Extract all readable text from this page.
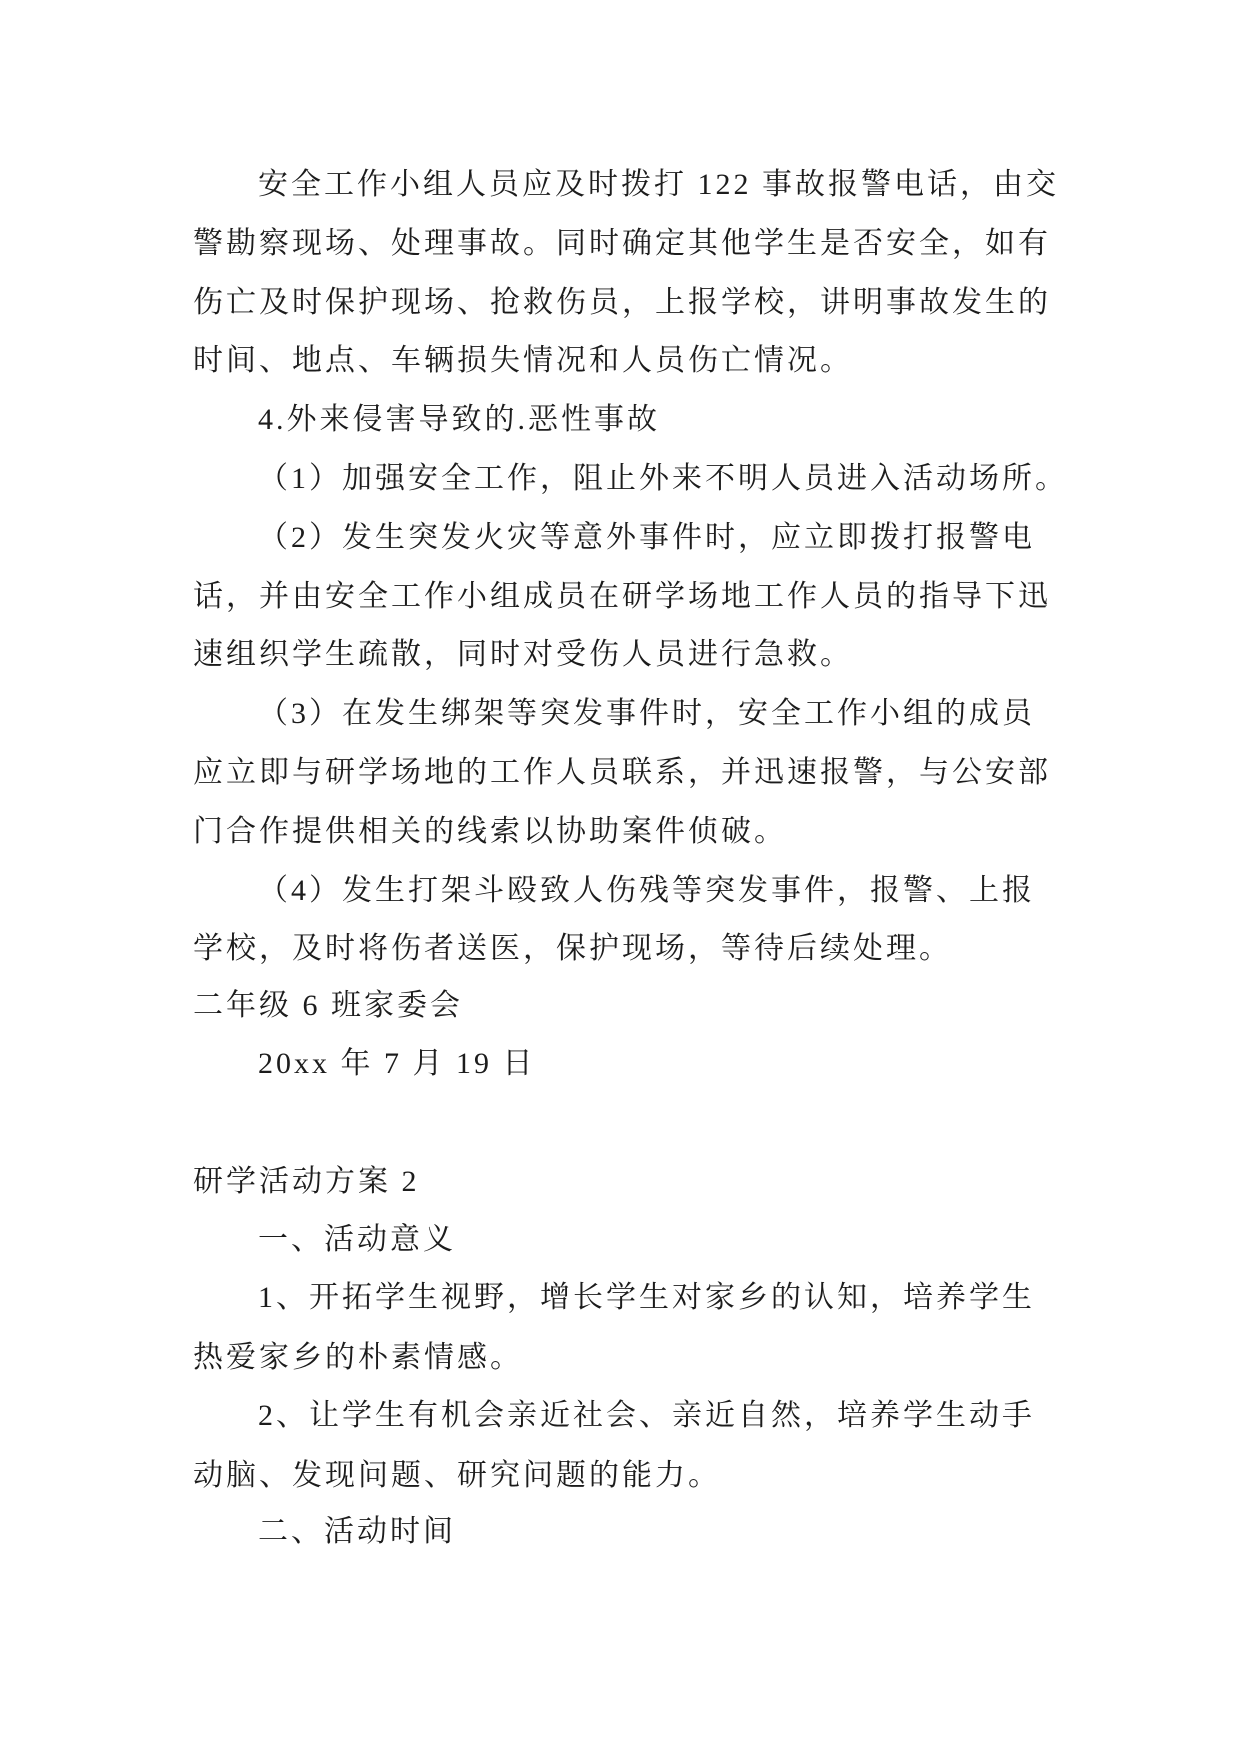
安全工作小组人员应及时拨打 122 事故报警电话，由交
警勘察现场、处理事故。同时确定其他学生是否安全，如有
伤亡及时保护现场、抢救伤员，上报学校，讲明事故发生的
时间、地点、车辆损失情况和人员伤亡情况。
4.外来侵害导致的.恶性事故
（1）加强安全工作，阻止外来不明人员进入活动场所。
（2）发生突发火灾等意外事件时，应立即拨打报警电
话，并由安全工作小组成员在研学场地工作人员的指导下迅
速组织学生疏散，同时对受伤人员进行急救。
（3）在发生绑架等突发事件时，安全工作小组的成员
应立即与研学场地的工作人员联系，并迅速报警，与公安部
门合作提供相关的线索以协助案件侦破。
（4）发生打架斗殴致人伤残等突发事件，报警、上报
学校，及时将伤者送医，保护现场，等待后续处理。
二年级 6 班家委会
20xx 年 7 月 19 日
研学活动方案 2
一、活动意义
1、开拓学生视野，增长学生对家乡的认知，培养学生
热爱家乡的朴素情感。
2、让学生有机会亲近社会、亲近自然，培养学生动手
动脑、发现问题、研究问题的能力。
二、活动时间
